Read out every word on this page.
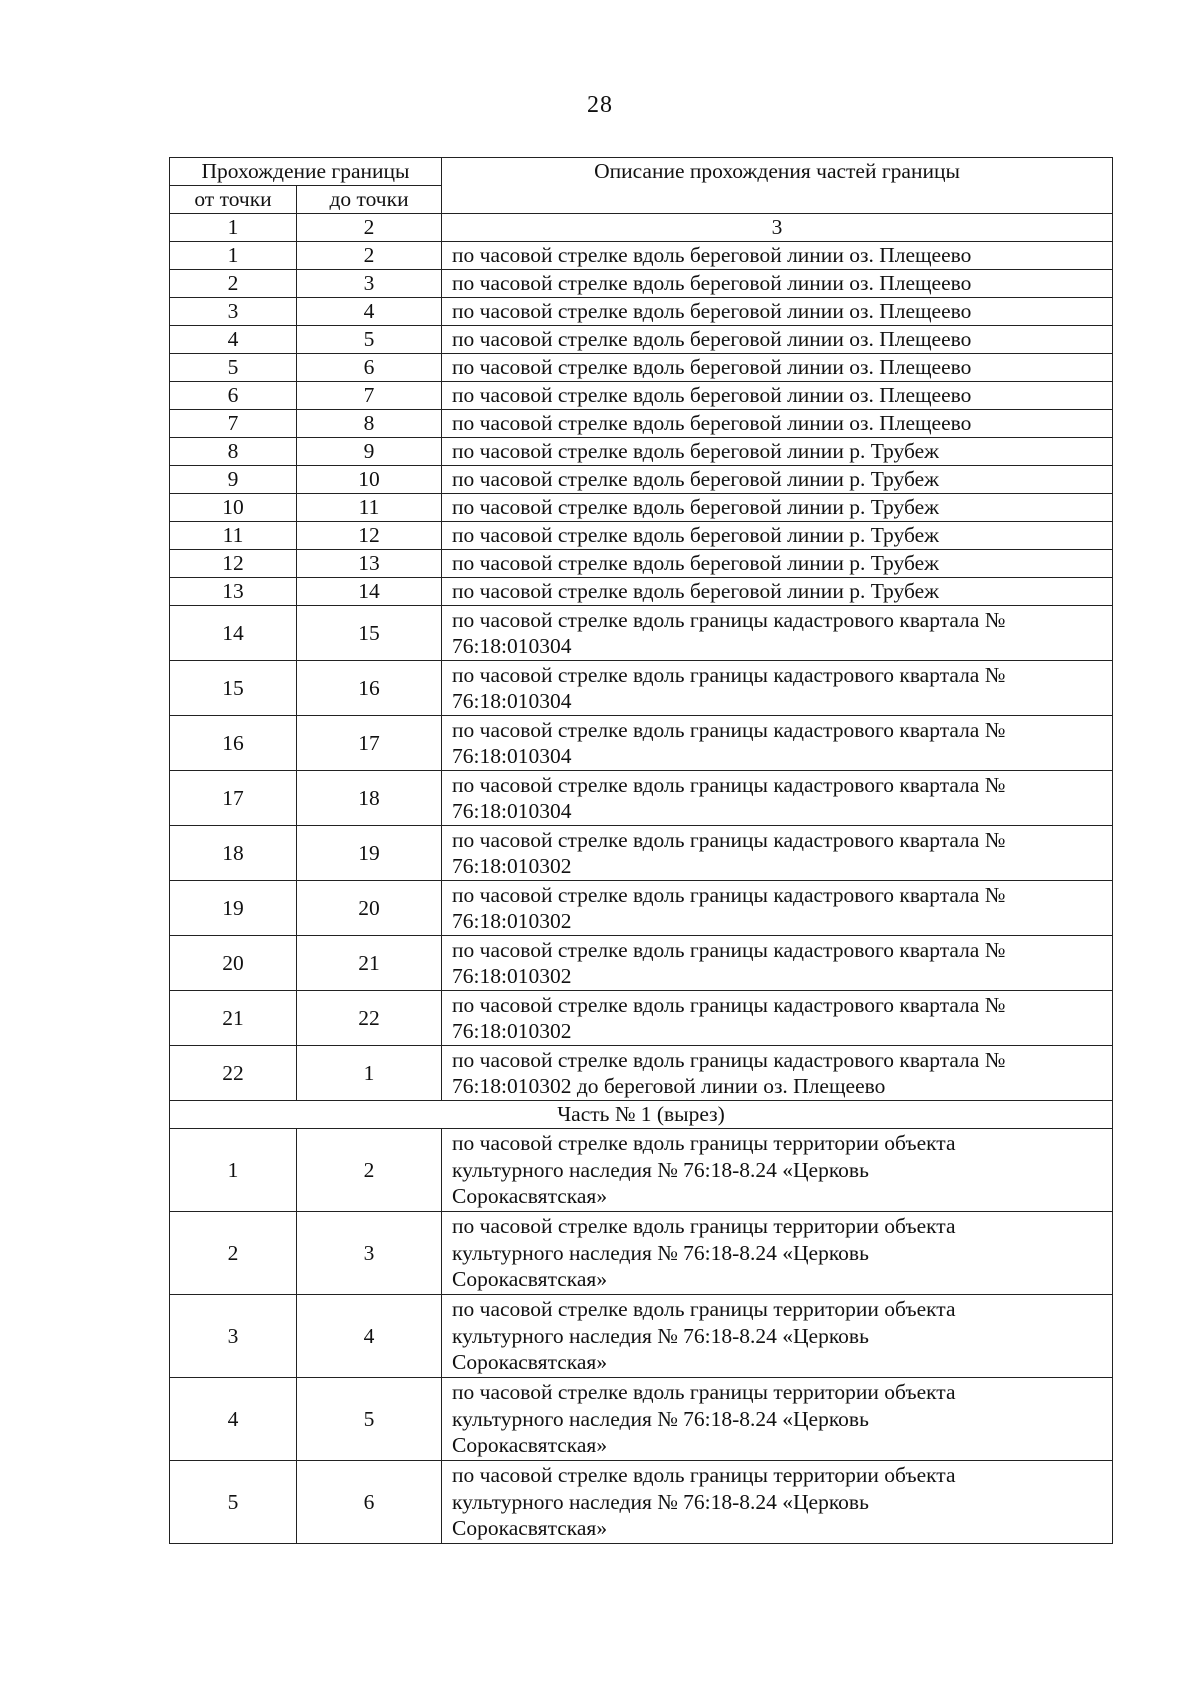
28
Прохождение границы		Описание прохождения частей границы
от точки	до точки	
1	2	3
1	2	по часовой стрелке вдоль береговой линии оз. Плещеево
2	3	по часовой стрелке вдоль береговой линии оз. Плещеево
3	4	по часовой стрелке вдоль береговой линии оз. Плещеево
4	5	по часовой стрелке вдоль береговой линии оз. Плещеево
5	6	по часовой стрелке вдоль береговой линии оз. Плещеево
6	7	по часовой стрелке вдоль береговой линии оз. Плещеево
7	8	по часовой стрелке вдоль береговой линии оз. Плещеево
8	9	по часовой стрелке вдоль береговой линии р. Трубеж
9	10	по часовой стрелке вдоль береговой линии р. Трубеж
10	11	по часовой стрелке вдоль береговой линии р. Трубеж
11	12	по часовой стрелке вдоль береговой линии р. Трубеж
12	13	по часовой стрелке вдоль береговой линии р. Трубеж
13	14	по часовой стрелке вдоль береговой линии р. Трубеж
14	15	по часовой стрелке вдоль границы кадастрового квартала №
76:18:010304

15	16	по часовой стрелке вдоль границы кадастрового квартала №
76:18:010304

16	17	по часовой стрелке вдоль границы кадастрового квартала №
76:18:010304

17	18	по часовой стрелке вдоль границы кадастрового квартала №
76:18:010304

18	19	по часовой стрелке вдоль границы кадастрового квартала №
76:18:010302

19	20	по часовой стрелке вдоль границы кадастрового квартала №
76:18:010302

20	21	по часовой стрелке вдоль границы кадастрового квартала №
76:18:010302

21	22	по часовой стрелке вдоль границы кадастрового квартала №
76:18:010302

22	1	по часовой стрелке вдоль границы кадастрового квартала №
76:18:010302 до береговой линии оз. Плещеево

Часть № 1 (вырез)		
1	2	по часовой стрелке вдоль границы территории объекта
культурного наследия № 76:18-8.24 «Церковь
Сорокасвятская»

2	3	по часовой стрелке вдоль границы территории объекта
культурного наследия № 76:18-8.24 «Церковь
Сорокасвятская»

3	4	по часовой стрелке вдоль границы территории объекта
культурного наследия № 76:18-8.24 «Церковь
Сорокасвятская»

4	5	по часовой стрелке вдоль границы территории объекта
культурного наследия № 76:18-8.24 «Церковь
Сорокасвятская»

5	6	по часовой стрелке вдоль границы территории объекта
культурного наследия № 76:18-8.24 «Церковь
Сорокасвятская»
